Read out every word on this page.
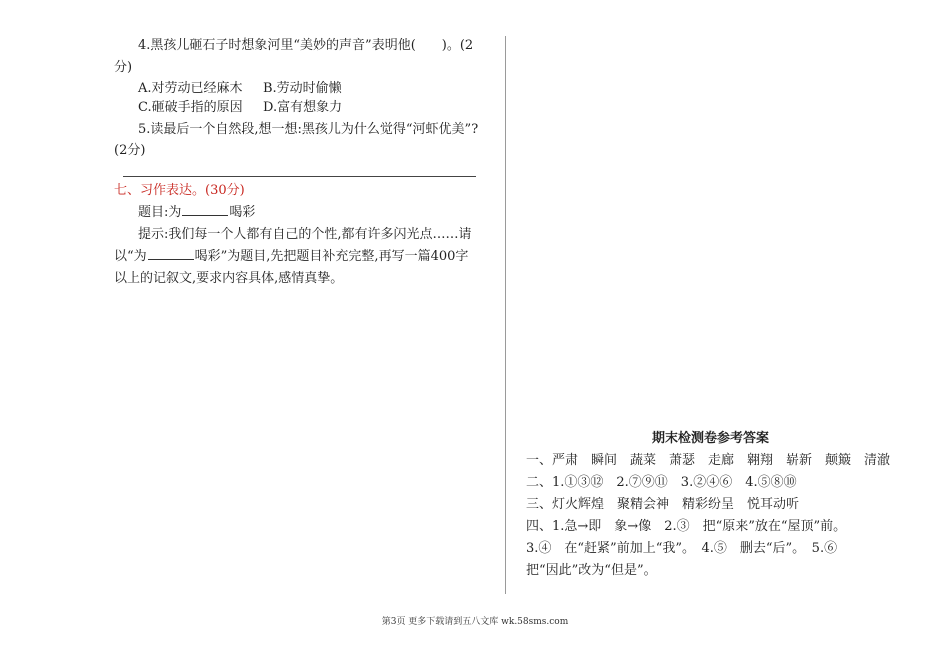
4.黑孩儿砸石子时想象河里“美妙的声音”表明他(　　)。(2
分)
A.对劳动已经麻木 B.劳动时偷懒
C.砸破手指的原因 D.富有想象力
5.读最后一个自然段,想一想:黑孩儿为什么觉得“河虾优美”?
(2分)
七、习作表达。(30分)
题目:为	喝彩
提示:我们每一个人都有自己的个性,都有许多闪光点……请
以“为	喝彩”为题目,先把题目补充完整,再写一篇400字
以上的记叙文,要求内容具体,感情真挚。
期末检测卷参考答案
一、严肃　瞬间　蔬菜　萧瑟　走廊　翱翔　崭新　颠簸　清澈
二、1.①③⑫　2.⑦⑨⑪　3.②④⑥　4.⑤⑧⑩
三、灯火辉煌　聚精会神　精彩纷呈　悦耳动听
四、1.急→即　象→像　2.③　把“原来”放在“屋顶”前。
3.④　在“赶紧”前加上“我”。　4.⑤　删去“后”。　5.⑥
把“因此”改为“但是”。
第3页 更多下载请到五八文库 wk.58sms.com
